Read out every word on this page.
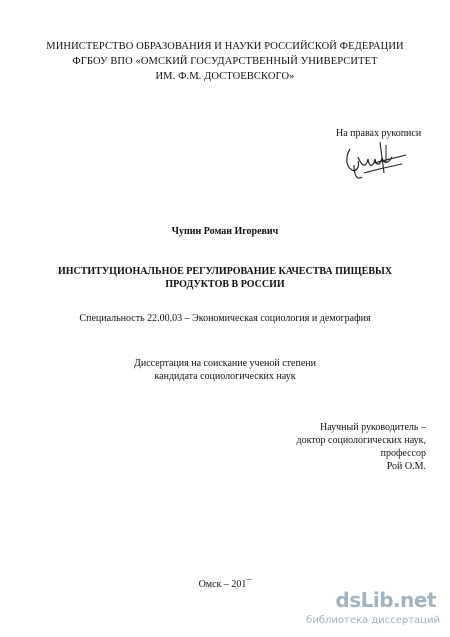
МИНИСТЕРСТВО ОБРАЗОВАНИЯ И НАУКИ РОССИЙСКОЙ ФЕДЕРАЦИИ
ФГБОУ ВПО «ОМСКИЙ ГОСУДАРСТВЕННЫЙ УНИВЕРСИТЕТ
ИМ. Ф.М. ДОСТОЕВСКОГО»
На правах рукописи
Чупин Роман Игоревич
ИНСТИТУЦИОНАЛЬНОЕ РЕГУЛИРОВАНИЕ КАЧЕСТВА ПИЩЕВЫХ
ПРОДУКТОВ В РОССИИ
Специальность 22.00.03 – Экономическая социология и демография
Диссертация на соискание ученой степени
кандидата социологических наук
Научный руководитель –
доктор социологических наук,
профессор
Рой О.М.
Омск – 201¯
dsLib.net
библиотека диссертаций
